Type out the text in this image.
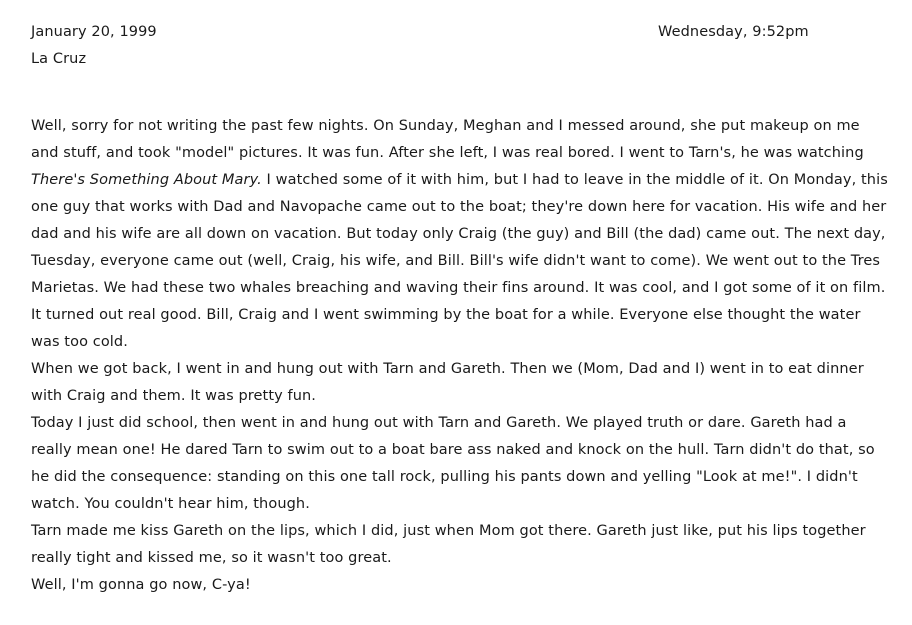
January 20, 1999	Wednesday, 9:52pm
La Cruz

Well, sorry for not writing the past few nights. On Sunday, Meghan and I messed around, she put makeup on me and stuff, and took "model" pictures. It was fun. After she left, I was real bored. I went to Tarn's, he was watching There's Something About Mary. I watched some of it with him, but I had to leave in the middle of it. On Monday, this one guy that works with Dad and Navopache came out to the boat; they're down here for vacation. His wife and her dad and his wife are all down on vacation. But today only Craig (the guy) and Bill (the dad) came out. The next day, Tuesday, everyone came out (well, Craig, his wife, and Bill. Bill's wife didn't want to come). We went out to the Tres Marietas. We had these two whales breaching and waving their fins around. It was cool, and I got some of it on film. It turned out real good. Bill, Craig and I went swimming by the boat for a while. Everyone else thought the water was too cold.

When we got back, I went in and hung out with Tarn and Gareth. Then we (Mom, Dad and I) went in to eat dinner with Craig and them. It was pretty fun.

Today I just did school, then went in and hung out with Tarn and Gareth. We played truth or dare. Gareth had a really mean one! He dared Tarn to swim out to a boat bare ass naked and knock on the hull. Tarn didn't do that, so he did the consequence: standing on this one tall rock, pulling his pants down and yelling "Look at me!". I didn't watch. You couldn't hear him, though.

Tarn made me kiss Gareth on the lips, which I did, just when Mom got there. Gareth just like, put his lips together really tight and kissed me, so it wasn't too great.

Well, I'm gonna go now, C-ya!
